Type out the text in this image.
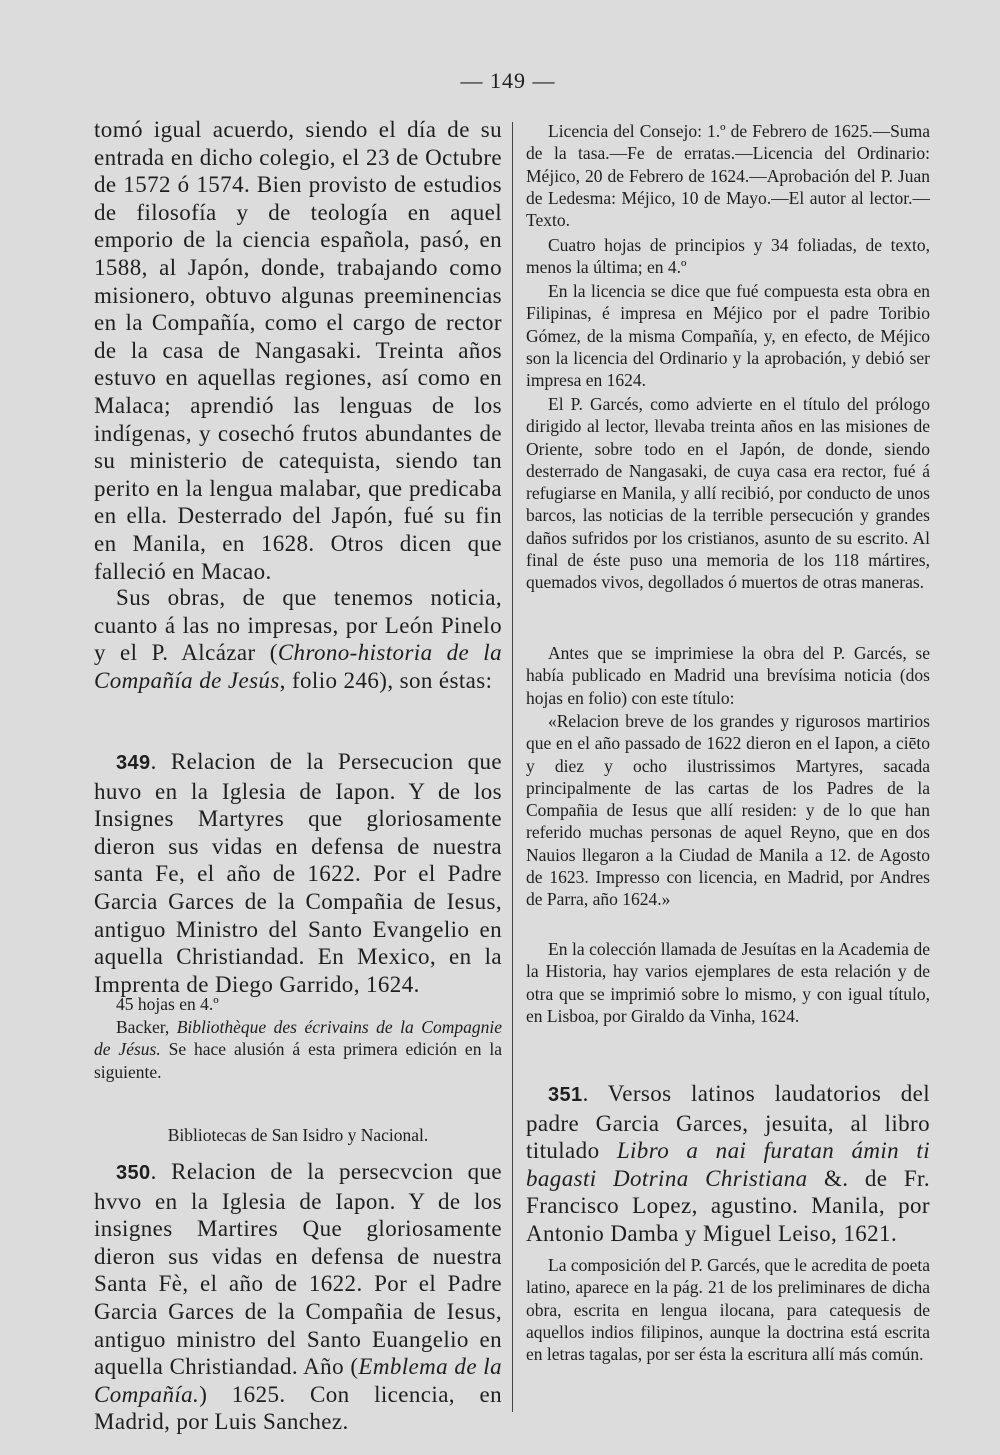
— 149 —

tomó igual acuerdo, siendo el día de su entrada en dicho colegio, el 23 de Octubre de 1572 ó 1574. Bien provisto de estudios de filosofía y de teología en aquel emporio de la ciencia española, pasó, en 1588, al Japón, donde, trabajando como misionero, obtuvo algunas preeminencias en la Compañía, como el cargo de rector de la casa de Nangasaki. Treinta años estuvo en aquellas regiones, así como en Malaca; aprendió las lenguas de los indígenas, y cosechó frutos abundantes de su ministerio de catequista, siendo tan perito en la lengua malabar, que predicaba en ella. Desterrado del Japón, fué su fin en Manila, en 1628. Otros dicen que falleció en Macao.

Sus obras, de que tenemos noticia, cuanto á las no impresas, por León Pinelo y el P. Alcázar (Chrono-historia de la Compañía de Jesús, folio 246), son éstas:

349. Relacion de la Persecucion que huvo en la Iglesia de Iapon. Y de los Insignes Martyres que gloriosamente dieron sus vidas en defensa de nuestra santa Fe, el año de 1622. Por el Padre Garcia Garces de la Compañia de Iesus, antiguo Ministro del Santo Evangelio en aquella Christiandad. En Mexico, en la Imprenta de Diego Garrido, 1624.

45 hojas en 4.º

Backer, Bibliothèque des écrivains de la Compagnie de Jésus. Se hace alusión á esta primera edición en la siguiente.

Bibliotecas de San Isidro y Nacional.

350. Relacion de la persecvcion que hvvo en la Iglesia de Iapon. Y de los insignes Martires Que gloriosamente dieron sus vidas en defensa de nuestra Santa Fè, el año de 1622. Por el Padre Garcia Garces de la Compañia de Iesus, antiguo ministro del Santo Euangelio en aquella Christiandad. Año (Emblema de la Compañía.) 1625. Con licencia, en Madrid, por Luis Sanchez.

Licencia del Consejo: 1.º de Febrero de 1625.—Suma de la tasa.—Fe de erratas.—Licencia del Ordinario: Méjico, 20 de Febrero de 1624.—Aprobación del P. Juan de Ledesma: Méjico, 10 de Mayo.—El autor al lector.—Texto.

Cuatro hojas de principios y 34 foliadas, de texto, menos la última; en 4.º

En la licencia se dice que fué compuesta esta obra en Filipinas, é impresa en Méjico por el padre Toribio Gómez, de la misma Compañía, y, en efecto, de Méjico son la licencia del Ordinario y la aprobación, y debió ser impresa en 1624.

El P. Garcés, como advierte en el título del prólogo dirigido al lector, llevaba treinta años en las misiones de Oriente, sobre todo en el Japón, de donde, siendo desterrado de Nangasaki, de cuya casa era rector, fué á refugiarse en Manila, y allí recibió, por conducto de unos barcos, las noticias de la terrible persecución y grandes daños sufridos por los cristianos, asunto de su escrito. Al final de éste puso una memoria de los 118 mártires, quemados vivos, degollados ó muertos de otras maneras.

Antes que se imprimiese la obra del P. Garcés, se había publicado en Madrid una brevísima noticia (dos hojas en folio) con este título:

«Relacion breve de los grandes y rigurosos martirios que en el año passado de 1622 dieron en el Iapon, a ciēto y diez y ocho ilustrissimos Martyres, sacada principalmente de las cartas de los Padres de la Compañia de Iesus que allí residen: y de lo que han referido muchas personas de aquel Reyno, que en dos Nauios llegaron a la Ciudad de Manila a 12. de Agosto de 1623. Impresso con licencia, en Madrid, por Andres de Parra, año 1624.»

En la colección llamada de Jesuítas en la Academia de la Historia, hay varios ejemplares de esta relación y de otra que se imprimió sobre lo mismo, y con igual título, en Lisboa, por Giraldo da Vinha, 1624.

351. Versos latinos laudatorios del padre Garcia Garces, jesuita, al libro titulado Libro a nai furatan ámin ti bagasti Dotrina Christiana &. de Fr. Francisco Lopez, agustino. Manila, por Antonio Damba y Miguel Leiso, 1621.

La composición del P. Garcés, que le acredita de poeta latino, aparece en la pág. 21 de los preliminares de dicha obra, escrita en lengua ilocana, para catequesis de aquellos indios filipinos, aunque la doctrina está escrita en letras tagalas, por ser ésta la escritura allí más común.
